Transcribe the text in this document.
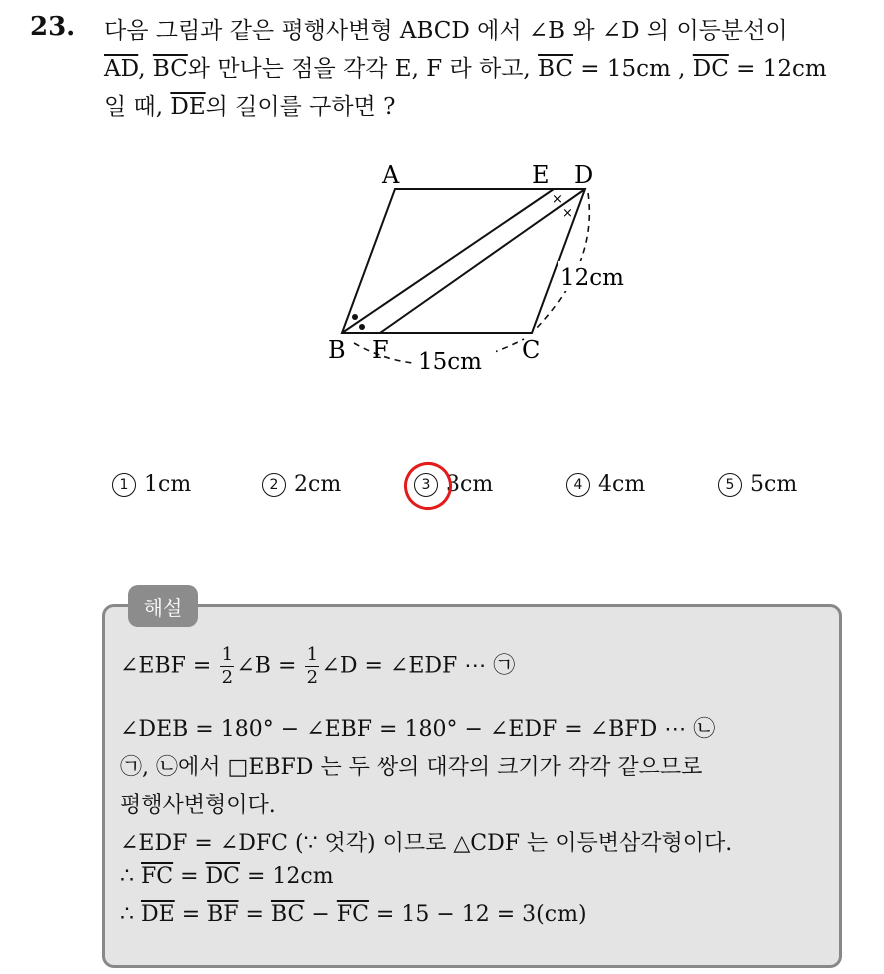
23. 다음 그림과 같은 평행사변형 ABCD 에서 ∠B 와 ∠D 의 이등분선이
$\overline{AD}$, $\overline{BC}$와 만나는 점을 각각 E, F 라 하고, $\overline{BC} = 15cm$ , $\overline{DC} = 12cm$
일 때, $\overline{DE}$의 길이를 구하면 ?
×
×
A	E D
B F	C
12cm
15cm
1 1cm	2 2cm	3 3cm	4 4cm	5 5cm
해설
∠EBF = $\frac{1}{2}$ ∠B = $\frac{1}{2}$ ∠D = ∠EDF ⋯ ㉠
∠DEB = 180° − ∠EBF = 180° − ∠EDF = ∠BFD ⋯ ㉡
㉠, ㉡에서 □EBFD 는 두 쌍의 대각의 크기가 각각 같으므로
평행사변형이다.
∠EDF = ∠DFC (∵ 엇각) 이므로 △CDF 는 이등변삼각형이다.
∴ $\overline{FC} = \overline{DC} = 12cm$
∴ $\overline{DE} = \overline{BF} = \overline{BC} - \overline{FC} = 15 - 12 = 3(cm)$
